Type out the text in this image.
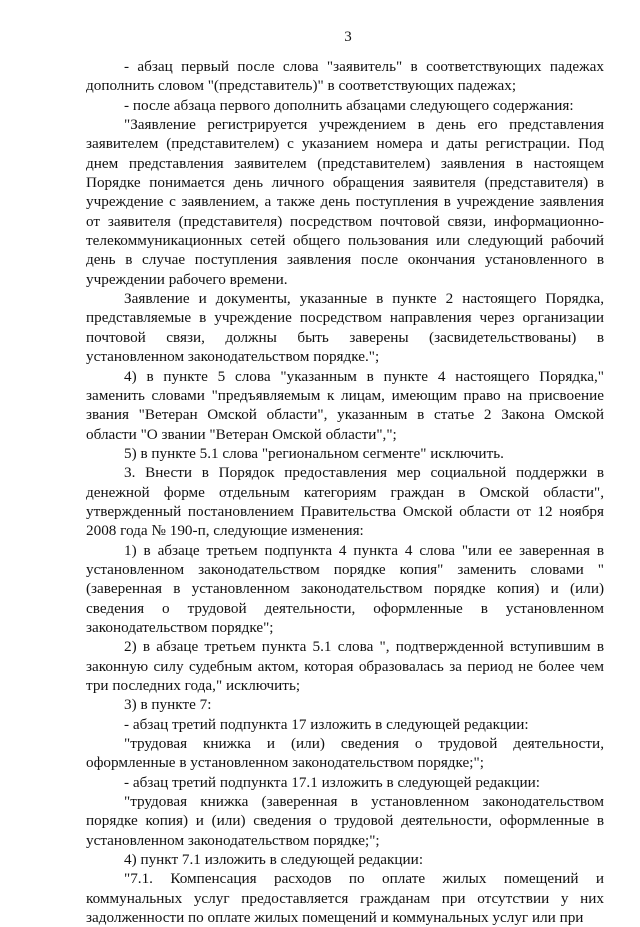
3

- абзац первый после слова "заявитель" в соответствующих падежах дополнить словом "(представитель)" в соответствующих падежах;

- после абзаца первого дополнить абзацами следующего содержания:

"Заявление регистрируется учреждением в день его представления заявителем (представителем) с указанием номера и даты регистрации. Под днем представления заявителем (представителем) заявления в настоящем Порядке понимается день личного обращения заявителя (представителя) в учреждение с заявлением, а также день поступления в учреждение заявления от заявителя (представителя) посредством почтовой связи, информационно-телекоммуникационных сетей общего пользования или следующий рабочий день в случае поступления заявления после окончания установленного в учреждении рабочего времени.

Заявление и документы, указанные в пункте 2 настоящего Порядка, представляемые в учреждение посредством направления через организации почтовой связи, должны быть заверены (засвидетельствованы) в установленном законодательством порядке.";

4) в пункте 5 слова "указанным в пункте 4 настоящего Порядка," заменить словами "предъявляемым к лицам, имеющим право на присвоение звания "Ветеран Омской области", указанным в статье 2 Закона Омской области "О звании "Ветеран Омской области",";

5) в пункте 5.1 слова "региональном сегменте" исключить.

3. Внести в Порядок предоставления мер социальной поддержки в денежной форме отдельным категориям граждан в Омской области", утвержденный постановлением Правительства Омской области от 12 ноября 2008 года № 190-п, следующие изменения:

1) в абзаце третьем подпункта 4 пункта 4 слова "или ее заверенная в установленном законодательством порядке копия" заменить словами "(заверенная в установленном законодательством порядке копия) и (или) сведения о трудовой деятельности, оформленные в установленном законодательством порядке";

2) в абзаце третьем пункта 5.1 слова ", подтвержденной вступившим в законную силу судебным актом, которая образовалась за период не более чем три последних года," исключить;

3) в пункте 7:

- абзац третий подпункта 17 изложить в следующей редакции:

"трудовая книжка и (или) сведения о трудовой деятельности, оформленные в установленном законодательством порядке;";

- абзац третий подпункта 17.1 изложить в следующей редакции:

"трудовая книжка (заверенная в установленном законодательством порядке копия) и (или) сведения о трудовой деятельности, оформленные в установленном законодательством порядке;";

4) пункт 7.1 изложить в следующей редакции:

"7.1. Компенсация расходов по оплате жилых помещений и коммунальных услуг предоставляется гражданам при отсутствии у них задолженности по оплате жилых помещений и коммунальных услуг или при
